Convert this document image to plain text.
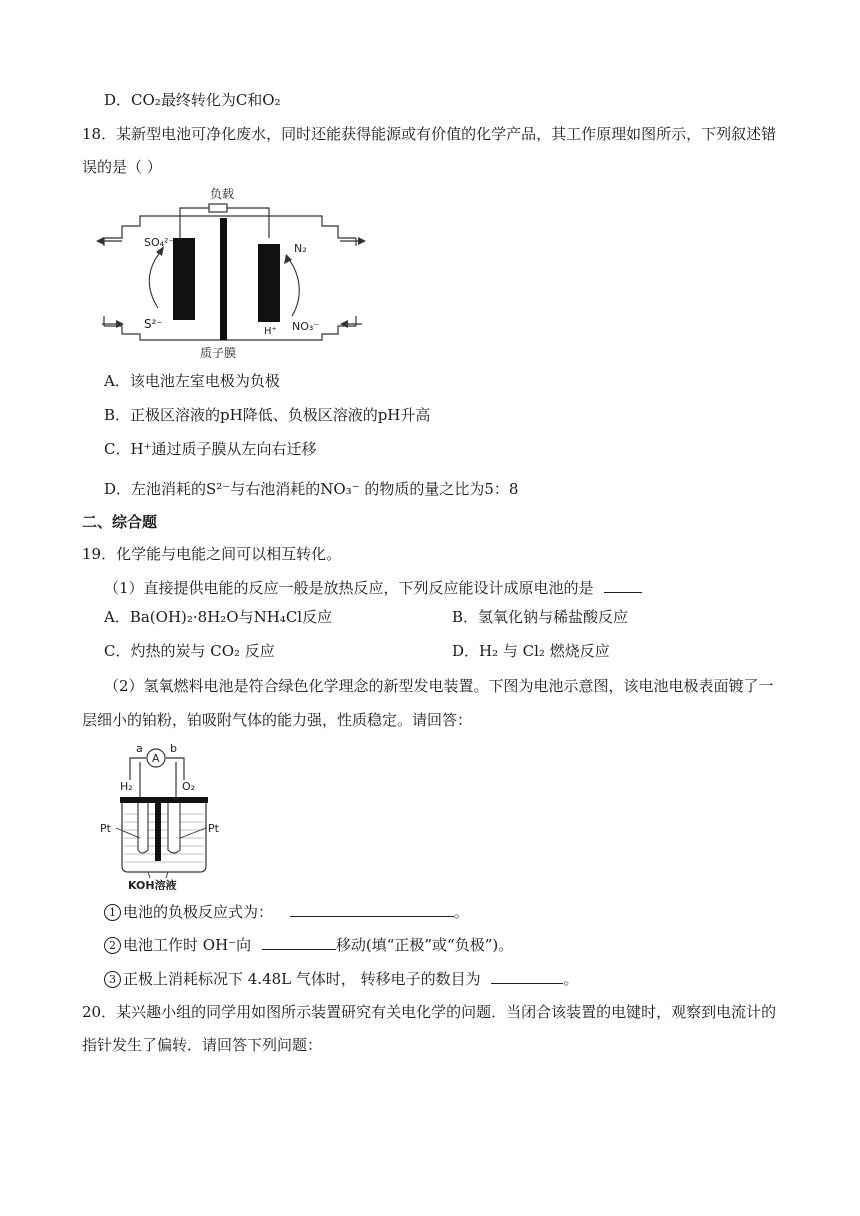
D．CO₂最终转化为C和O₂
18．某新型电池可净化废水，同时还能获得能源或有价值的化学产品，其工作原理如图所示，下列叙述错
误的是（ ）
负载
SO₄²⁻
S²⁻
N₂
H⁺ NO₃⁻
质子膜
A．该电池左室电极为负极
B．正极区溶液的pH降低、负极区溶液的pH升高
C．H⁺通过质子膜从左向右迁移
D．左池消耗的S²⁻与右池消耗的NO₃⁻ 的物质的量之比为5：8
二、综合题
19．化学能与电能之间可以相互转化。
（1）直接提供电能的反应一般是放热反应，下列反应能设计成原电池的是
A．Ba(OH)₂·8H₂O与NH₄Cl反应	B．氢氧化钠与稀盐酸反应
C．灼热的炭与 CO₂ 反应	D．H₂ 与 Cl₂ 燃烧反应
（2）氢氧燃料电池是符合绿色化学理念的新型发电装置。下图为电池示意图，该电池电极表面镀了一
层细小的铂粉，铂吸附气体的能力强，性质稳定。请回答：
A
a b
H₂	O₂
Pt	Pt
KOH溶液
1 电池的负极反应式为：	。
2 电池工作时 OH⁻向	移动(填“正极”或“负极”)。
3 正极上消耗标况下 4.48L 气体时， 转移电子的数目为	。
20．某兴趣小组的同学用如图所示装置研究有关电化学的问题．当闭合该装置的电键时，观察到电流计的
指针发生了偏转．请回答下列问题：
